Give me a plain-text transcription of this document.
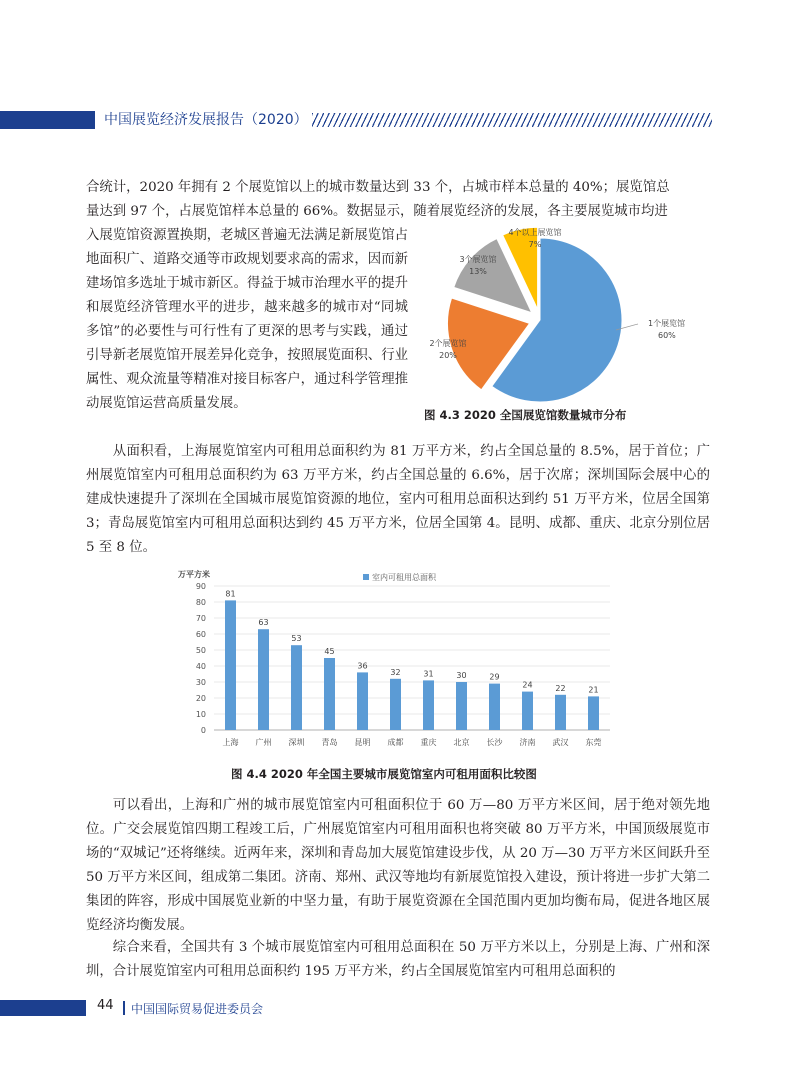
中国展览经济发展报告（2020）

合统计，2020 年拥有 2 个展览馆以上的城市数量达到 33 个，占城市样本总量的 40%；展览馆总

量达到 97 个，占展览馆样本总量的 66%。数据显示，随着展览经济的发展，各主要展览城市均进

入展览馆资源置换期，老城区普遍无法满足新展览馆占地面积广、道路交通等市政规划要求高的需求，因而新建场馆多选址于城市新区。得益于城市治理水平的提升和展览经济管理水平的进步，越来越多的城市对“同城多馆”的必要性与可行性有了更深的思考与实践，通过引导新老展览馆开展差异化竞争，按照展览面积、行业属性、观众流量等精准对接目标客户，通过科学管理推动展览馆运营高质量发展。

1个展览馆
60%
2个展览馆
20%
3个展览馆
13%
4个以上展览馆
7%
图 4.3 2020 全国展览馆数量城市分布

从面积看，上海展览馆室内可租用总面积约为 81 万平方米，约占全国总量的 8.5%，居于首位；广州展览馆室内可租用总面积约为 63 万平方米，约占全国总量的 6.6%，居于次席；深圳国际会展中心的建成快速提升了深圳在全国城市展览馆资源的地位，室内可租用总面积达到约 51 万平方米，位居全国第 3；青岛展览馆室内可租用总面积达到约 45 万平方米，位居全国第 4。昆明、成都、重庆、北京分别位居 5 至 8 位。

万平方米	室内可租用总面积
0
10
20
30
40
50
60
70
80
90
81
上海
63
广州
53
深圳
45
青岛
36
昆明
32
成都
31
重庆
30
北京
29
长沙
24
济南
22
武汉
21
东莞
图 4.4 2020 年全国主要城市展览馆室内可租用面积比较图

可以看出，上海和广州的城市展览馆室内可租面积位于 60 万—80 万平方米区间，居于绝对领先地位。广交会展览馆四期工程竣工后，广州展览馆室内可租用面积也将突破 80 万平方米，中国顶级展览市场的“双城记”还将继续。近两年来，深圳和青岛加大展览馆建设步伐，从 20 万—30 万平方米区间跃升至 50 万平方米区间，组成第二集团。济南、郑州、武汉等地均有新展览馆投入建设，预计将进一步扩大第二集团的阵容，形成中国展览业新的中坚力量，有助于展览资源在全国范围内更加均衡布局，促进各地区展览经济均衡发展。

综合来看，全国共有 3 个城市展览馆室内可租用总面积在 50 万平方米以上，分别是上海、广州和深圳，合计展览馆室内可租用总面积约 195 万平方米，约占全国展览馆室内可租用总面积的

44 中国国际贸易促进委员会
